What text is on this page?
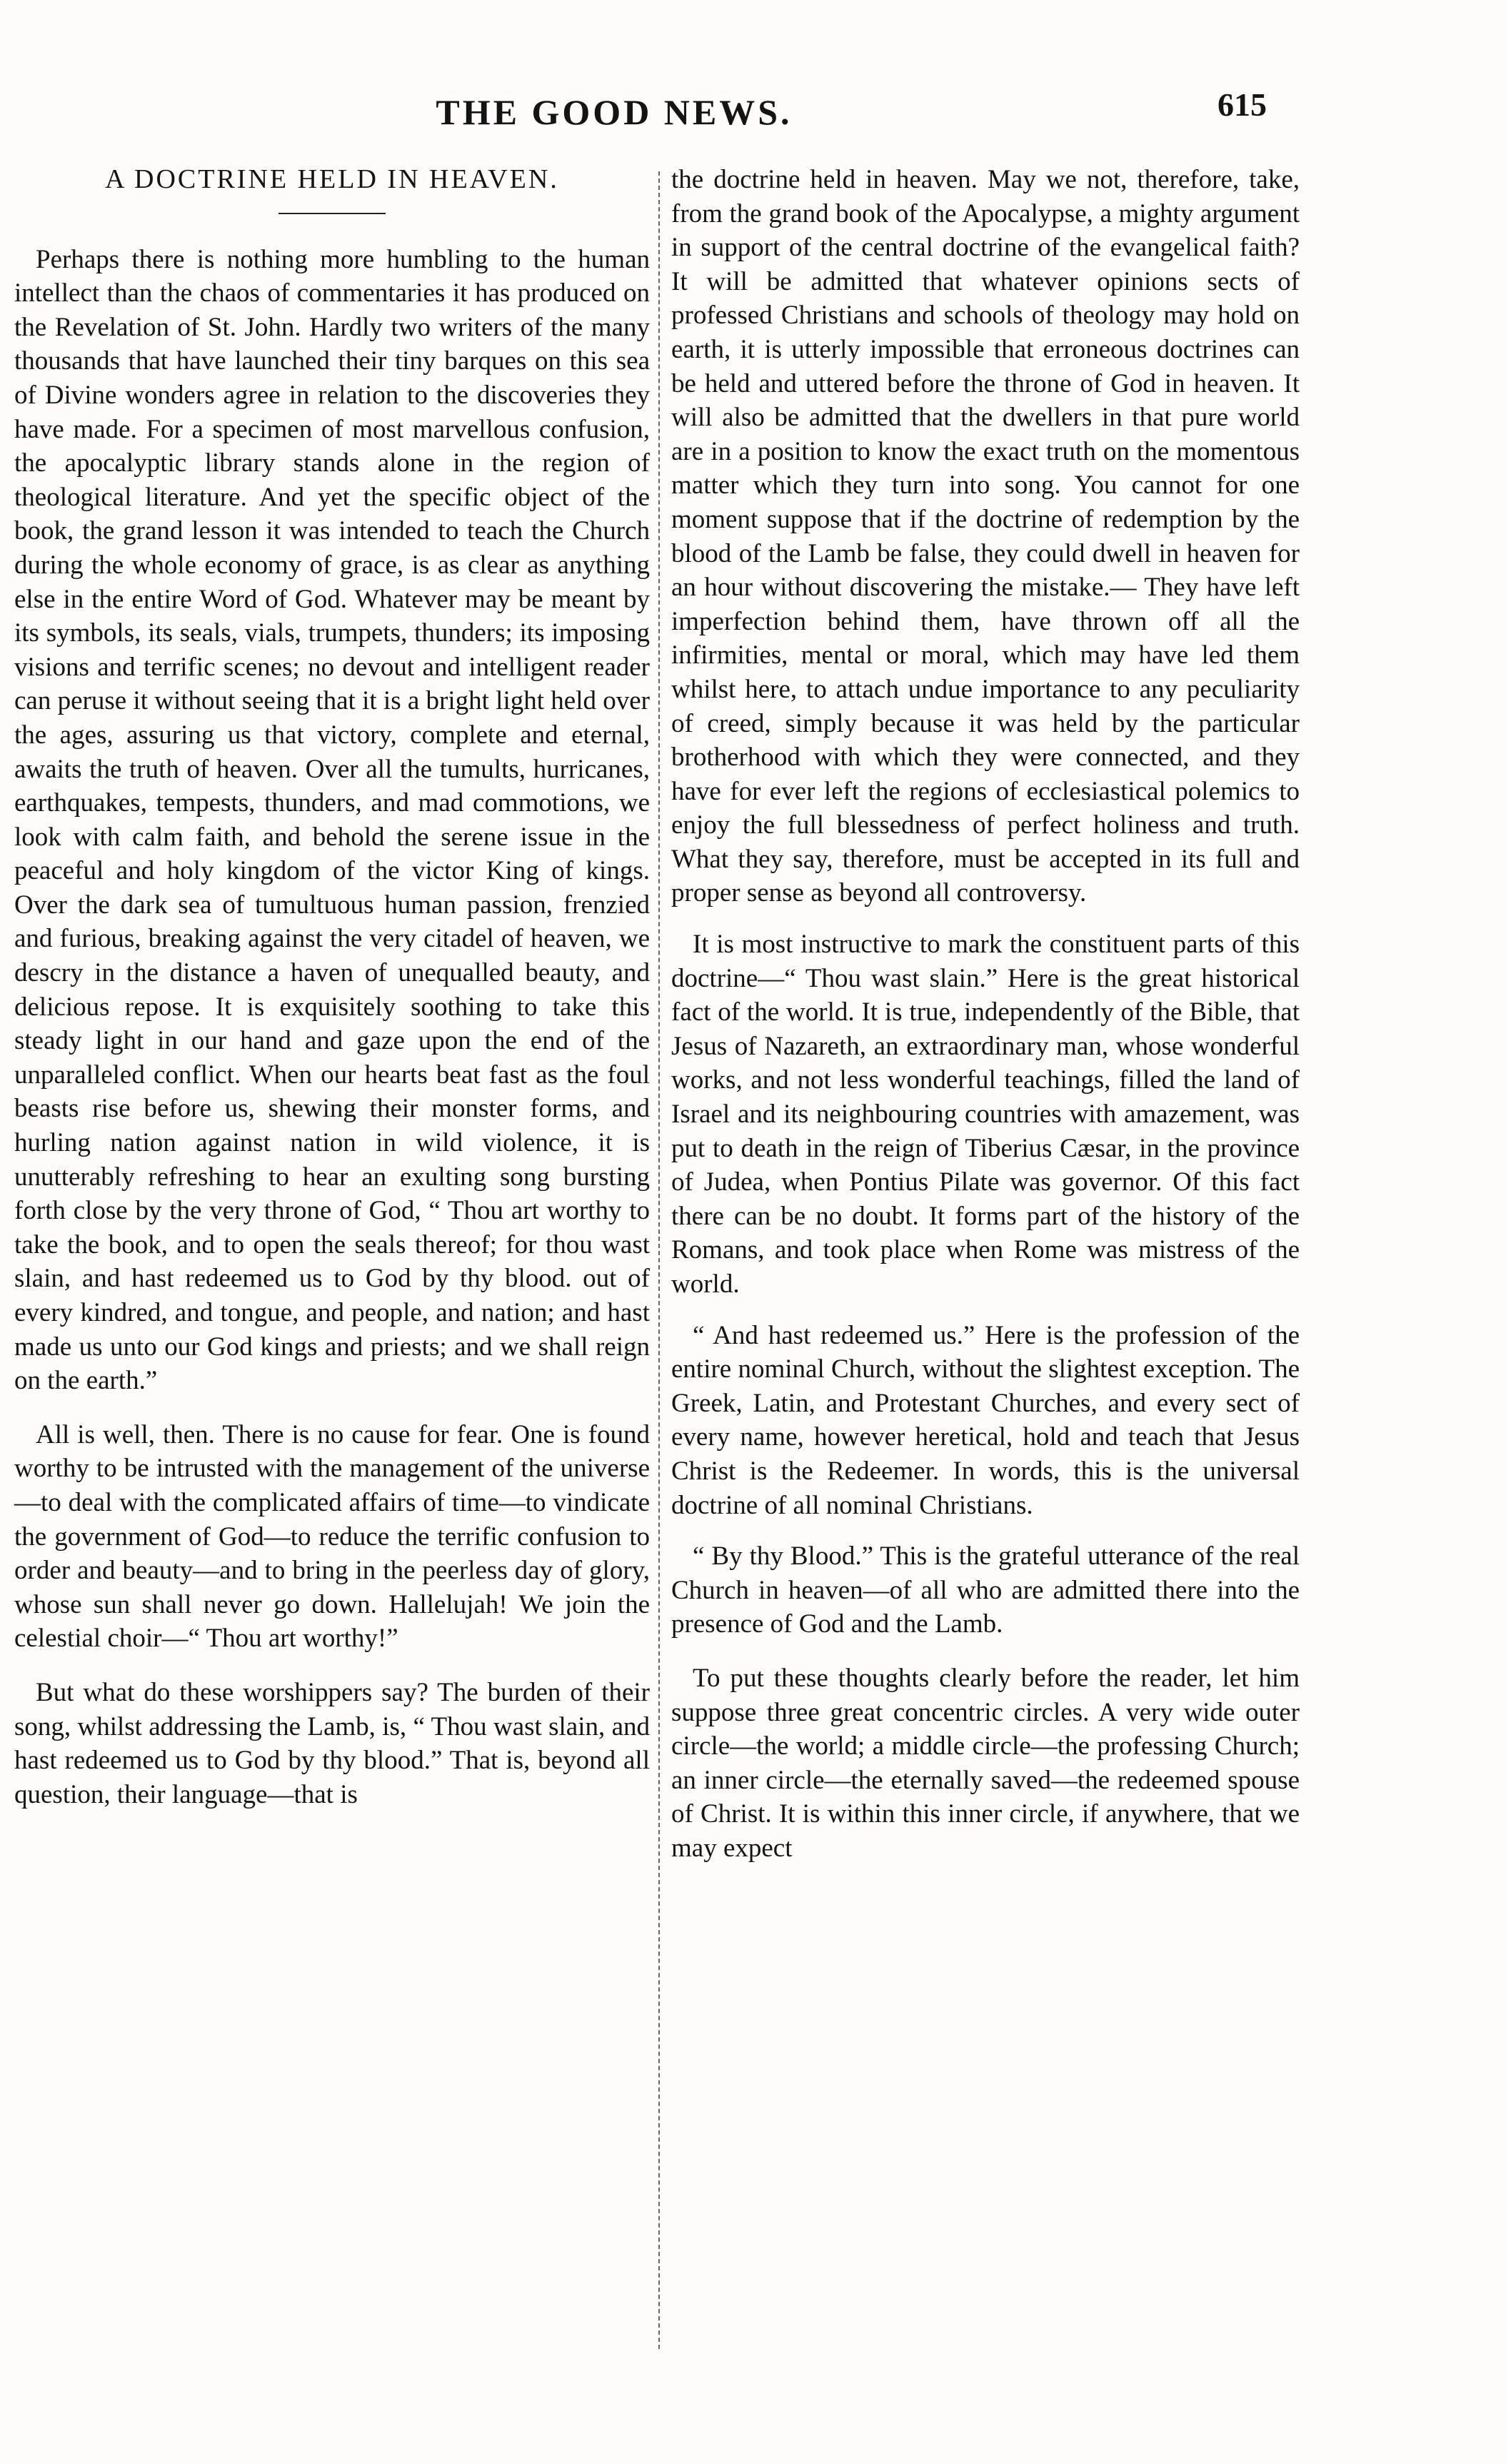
THE GOOD NEWS.	615
A DOCTRINE HELD IN HEAVEN.

Perhaps there is nothing more humbling to the human intellect than the chaos of commentaries it has produced on the Revelation of St. John. Hardly two writers of the many thousands that have launched their tiny barques on this sea of Divine wonders agree in relation to the discoveries they have made. For a specimen of most marvellous confusion, the apocalyptic library stands alone in the region of theological literature. And yet the specific object of the book, the grand lesson it was intended to teach the Church during the whole economy of grace, is as clear as anything else in the entire Word of God. Whatever may be meant by its symbols, its seals, vials, trumpets, thunders; its imposing visions and terrific scenes; no devout and intelligent reader can peruse it without seeing that it is a bright light held over the ages, assuring us that victory, complete and eternal, awaits the truth of heaven. Over all the tumults, hurricanes, earthquakes, tempests, thunders, and mad commotions, we look with calm faith, and behold the serene issue in the peaceful and holy kingdom of the victor King of kings. Over the dark sea of tumultuous human passion, frenzied and furious, breaking against the very citadel of heaven, we descry in the distance a haven of unequalled beauty, and delicious repose. It is exquisitely soothing to take this steady light in our hand and gaze upon the end of the unparalleled conflict. When our hearts beat fast as the foul beasts rise before us, shewing their monster forms, and hurling nation against nation in wild violence, it is unutterably refreshing to hear an exulting song bursting forth close by the very throne of God, “ Thou art worthy to take the book, and to open the seals thereof; for thou wast slain, and hast redeemed us to God by thy blood. out of every kindred, and tongue, and people, and nation; and hast made us unto our God kings and priests; and we shall reign on the earth.”

All is well, then. There is no cause for fear. One is found worthy to be intrusted with the management of the universe—to deal with the complicated affairs of time—to vindicate the government of God—to reduce the terrific confusion to order and beauty—and to bring in the peerless day of glory, whose sun shall never go down. Hallelujah! We join the celestial choir—“ Thou art worthy!”

But what do these worshippers say? The burden of their song, whilst addressing the Lamb, is, “ Thou wast slain, and hast redeemed us to God by thy blood.” That is, beyond all question, their language—that is

the doctrine held in heaven. May we not, therefore, take, from the grand book of the Apocalypse, a mighty argument in support of the central doctrine of the evangelical faith? It will be admitted that whatever opinions sects of professed Christians and schools of theology may hold on earth, it is utterly impossible that erroneous doctrines can be held and uttered before the throne of God in heaven. It will also be admitted that the dwellers in that pure world are in a position to know the exact truth on the momentous matter which they turn into song. You cannot for one moment suppose that if the doctrine of redemption by the blood of the Lamb be false, they could dwell in heaven for an hour without discovering the mistake.— They have left imperfection behind them, have thrown off all the infirmities, mental or moral, which may have led them whilst here, to attach undue importance to any peculiarity of creed, simply because it was held by the particular brotherhood with which they were connected, and they have for ever left the regions of ecclesiastical polemics to enjoy the full blessedness of perfect holiness and truth. What they say, therefore, must be accepted in its full and proper sense as beyond all controversy.

It is most instructive to mark the constituent parts of this doctrine—“ Thou wast slain.” Here is the great historical fact of the world. It is true, independently of the Bible, that Jesus of Nazareth, an extraordinary man, whose wonderful works, and not less wonderful teachings, filled the land of Israel and its neighbouring countries with amazement, was put to death in the reign of Tiberius Cæsar, in the province of Judea, when Pontius Pilate was governor. Of this fact there can be no doubt. It forms part of the history of the Romans, and took place when Rome was mistress of the world.

“ And hast redeemed us.” Here is the profession of the entire nominal Church, without the slightest exception. The Greek, Latin, and Protestant Churches, and every sect of every name, however heretical, hold and teach that Jesus Christ is the Redeemer. In words, this is the universal doctrine of all nominal Christians.

“ By thy Blood.” This is the grateful utterance of the real Church in heaven—of all who are admitted there into the presence of God and the Lamb.

To put these thoughts clearly before the reader, let him suppose three great concentric circles. A very wide outer circle—the world; a middle circle—the professing Church; an inner circle—the eternally saved—the redeemed spouse of Christ. It is within this inner circle, if anywhere, that we may expect
